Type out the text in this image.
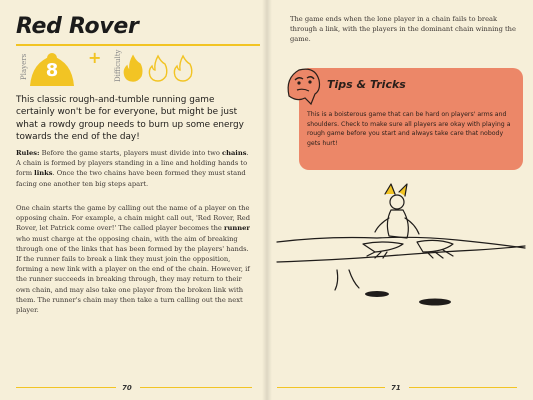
Red Rover
Players 8
+ Difficulty

This classic rough-and-tumble running game certainly won't be for everyone, but might be just what a rowdy group needs to burn up some energy towards the end of the day!

Rules: Before the game starts, players must divide into two chains. A chain is formed by players standing in a line and holding hands to form links. Once the two chains have been formed they must stand facing one another ten big steps apart.

One chain starts the game by calling out the name of a player on the opposing chain. For example, a chain might call out, 'Red Rover, Red Rover, let Patrick come over!' The called player becomes the runner who must charge at the opposing chain, with the aim of breaking through one of the links that has been formed by the players' hands. If the runner fails to break a link they must join the opposition, forming a new link with a player on the end of the chain. However, if the runner succeeds in breaking through, they may return to their own chain, and may also take one player from the broken link with them. The runner's chain may then take a turn calling out the next player.

70

The game ends when the lone player in a chain fails to break through a link, with the players in the dominant chain winning the game.

Tips & Tricks

This is a boisterous game that can be hard on players' arms and shoulders. Check to make sure all players are okay with playing a rough game before you start and always take care that nobody gets hurt!

71
